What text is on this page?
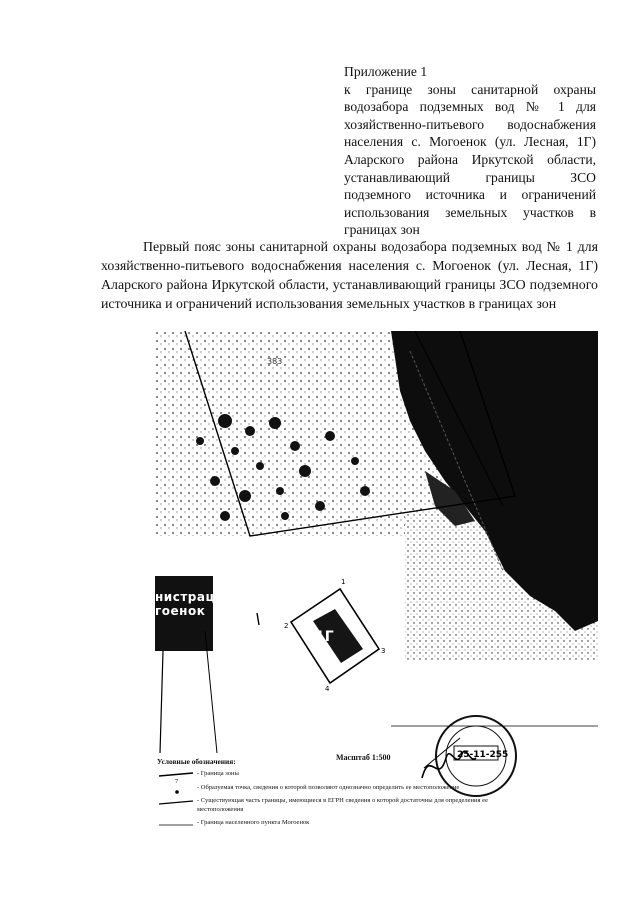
Приложение 1
к границе зоны санитарной охраны водозабора подземных вод № 1 для хозяйственно-питьевого водоснабжения населения с. Могоенок (ул. Лесная, 1Г) Аларского района Иркутской области, устанавливающий границы ЗСО подземного источника и ограничений использования земельных участков в границах зон
Первый пояс зоны санитарной охраны водозабора подземных вод № 1 для хозяйственно-питьевого водоснабжения населения с. Могоенок (ул. Лесная, 1Г) Аларского района Иркутской области, устанавливающий границы ЗСО подземного источника и ограничений использования земельных участков в границах зон
1Г
383
1
2
3
4
нистрация
гоенок
Масштаб 1:500
Условные обозначения:
- Граница зоны
7
- Образуемая точка, сведения о которой позволяют однозначно определить ее местоположение
- Существующая часть границы, имеющиеся в ЕГРН сведения о которой достаточны для определения ее местоположения
- Граница населенного пункта Могоенок
25-11-255
